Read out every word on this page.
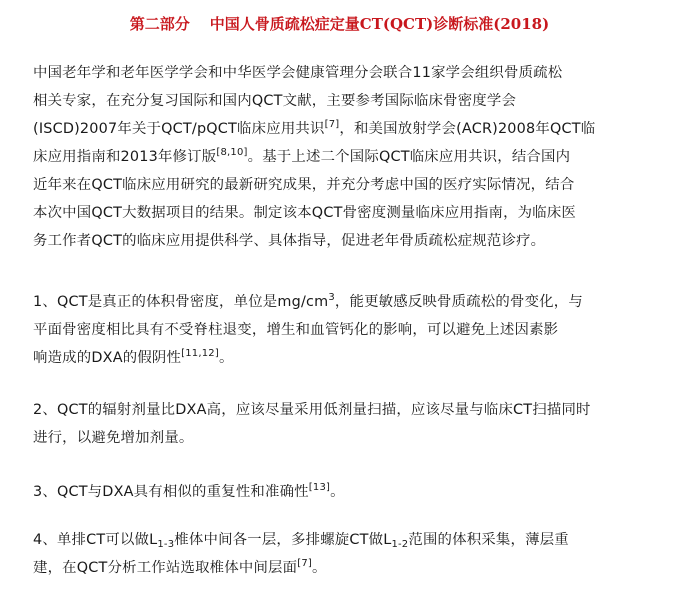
第二部分 中国人骨质疏松症定量CT(QCT)诊断标准(2018)
中国老年学和老年医学学会和中华医学会健康管理分会联合11家学会组织骨质疏松
相关专家，在充分复习国际和国内QCT文献，主要参考国际临床骨密度学会
(ISCD)2007年关于QCT/pQCT临床应用共识[7]，和美国放射学会(ACR)2008年QCT临
床应用指南和2013年修订版[8,10]。基于上述二个国际QCT临床应用共识，结合国内
近年来在QCT临床应用研究的最新研究成果，并充分考虑中国的医疗实际情况，结合
本次中国QCT大数据项目的结果。制定该本QCT骨密度测量临床应用指南，为临床医
务工作者QCT的临床应用提供科学、具体指导，促进老年骨质疏松症规范诊疗。
1、QCT是真正的体积骨密度，单位是$mg/cm^3$，能更敏感反映骨质疏松的骨变化，与
平面骨密度相比具有不受脊柱退变，增生和血管钙化的影响，可以避免上述因素影
响造成的DXA的假阴性[11,12]。
2、QCT的辐射剂量比DXA高，应该尽量采用低剂量扫描，应该尽量与临床CT扫描同时
进行，以避免增加剂量。
3、QCT与DXA具有相似的重复性和准确性[13]。
4、单排CT可以做$L_{1-3}$椎体中间各一层，多排螺旋CT做$L_{1-2}$范围的体积采集，薄层重
建，在QCT分析工作站选取椎体中间层面[7]。
